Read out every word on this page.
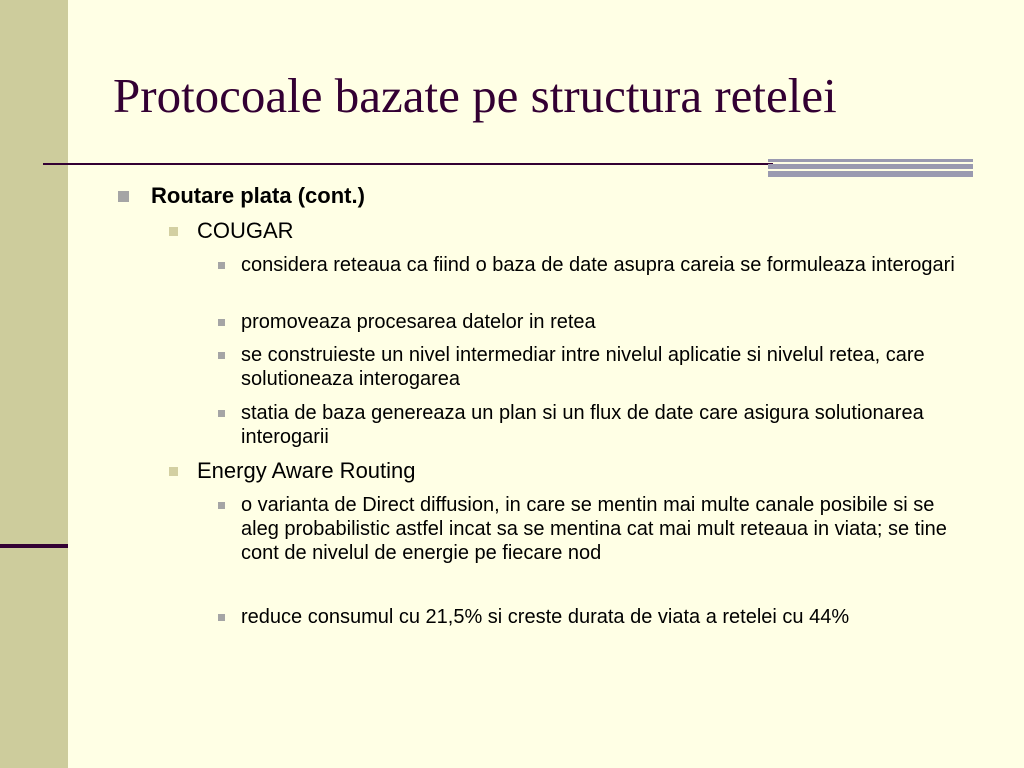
Protocoale bazate pe structura retelei
Routare plata (cont.)
COUGAR
considera reteaua ca fiind o baza de date asupra careia se formuleaza interogari
promoveaza procesarea datelor in retea
se construieste un nivel intermediar intre nivelul aplicatie si nivelul retea, care solutioneaza interogarea
statia de baza genereaza un plan si un flux de date care asigura solutionarea interogarii
Energy Aware Routing
o varianta de Direct diffusion, in care se mentin mai multe canale posibile si se aleg probabilistic astfel incat sa se mentina cat mai mult reteaua in viata; se tine cont de nivelul de energie pe fiecare nod
reduce consumul cu 21,5% si creste durata de viata a retelei cu 44%
